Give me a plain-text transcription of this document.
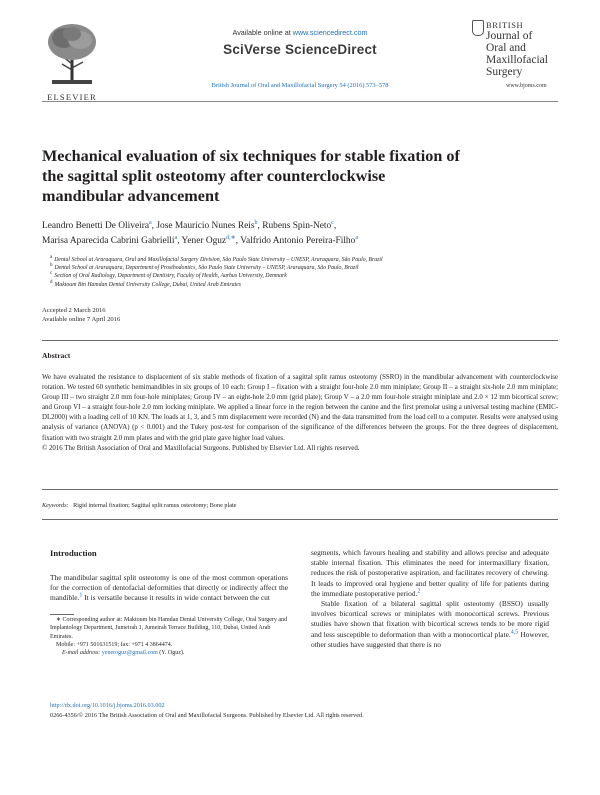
ELSEVIER
Available online at www.sciencedirect.com
SciVerse ScienceDirect
British Journal of Oral and Maxillofacial Surgery 54 (2016) 573–578
BRITISH
Journal of
Oral and
Maxillofacial
Surgery
www.bjoms.com
Mechanical evaluation of six techniques for stable fixation of
the sagittal split osteotomy after counterclockwise
mandibular advancement
Leandro Benetti De Oliveira$^a$, Jose Mauricio Nunes Reis$^b$, Rubens Spin-Neto$^c$,
Marisa Aparecida Cabrini Gabrielli$^a$, Yener Oguz$^{d,∗}$, Valfrido Antonio Pereira-Filho$^a$
a Dental School at Araraquara, Oral and Maxillofacial Surgery Division, São Paulo State University – UNESP, Araraquara, São Paulo, Brazil
b Dental School at Araraquara, Department of Prosthodontics, São Paulo State University – UNESP, Araraquara, São Paulo, Brazil
c Section of Oral Radiology, Department of Dentistry, Faculty of Health, Aarhus University, Denmark
d Maktoum Bin Hamdan Dental University College, Dubai, United Arab Emirates
Accepted 2 March 2016
Available online 7 April 2016
Abstract
We have evaluated the resistance to displacement of six stable methods of fixation of a sagittal split ramus osteotomy (SSRO) in the mandibular advancement with counterclockwise rotation. We tested 60 synthetic hemimandibles in six groups of 10 each: Group I – fixation with a straight four-hole 2.0 mm miniplate; Group II – a straight six-hole 2.0 mm miniplate; Group III – two straight 2.0 mm four-hole miniplates; Group IV – an eight-hole 2.0 mm (grid plate); Group V – a 2.0 mm four-hole straight miniplate and 2.0 × 12 mm bicortical screw; and Group VI – a straight four-hole 2.0 mm locking miniplate. We applied a linear force in the region between the canine and the first premolar using a universal testing machine (EMIC- DL2000) with a loading cell of 10 KN. The loads at 1, 3, and 5 mm displacement were recorded (N) and the data transmitted from the load cell to a computer. Results were analysed using analysis of variance (ANOVA) (p < 0.001) and the Tukey post-test for comparison of the significance of the differences between the groups. For the three degrees of displacement, fixation with two straight 2.0 mm plates and with the grid plate gave higher load values.
© 2016 The British Association of Oral and Maxillofacial Surgeons. Published by Elsevier Ltd. All rights reserved.
Keywords: Rigid internal fixation; Sagittal split ramus osteotomy; Bone plate
Introduction

The mandibular sagittal split osteotomy is one of the most common operations for the correction of dentofacial deformities that directly or indirectly affect the mandible.$^1$ It is versatile because it results in wide contact between the cut

∗ Corresponding author at: Maktoum bin Hamdan Dental University College, Oral Surgery and Implantology Department, Jumeirah 1, Jumeirah Terrace Building, 110, Dubai, United Arab Emirates.
Mobile: +971 501631519; fax: +971 4 3864474.
E-mail address: yeneroguz@gmail.com (Y. Oguz).

segments, which favours healing and stability and allows precise and adequate stable internal fixation. This eliminates the need for intermaxillary fixation, reduces the risk of postoperative aspiration, and facilitates recovery of chewing. It leads to improved oral hygiene and better quality of life for patients during the immediate postoperative period.$^2$

Stable fixation of a bilateral sagittal split osteotomy (BSSO) usually involves bicortical screws or miniplates with monocortical screws. Previous studies have shown that fixation with bicortical screws tends to be more rigid and less susceptible to deformation than with a monocortical plate.$^{4,5}$ However, other studies have suggested that there is no

http://dx.doi.org/10.1016/j.bjoms.2016.03.002
0266-4356/© 2016 The British Association of Oral and Maxillofacial Surgeons. Published by Elsevier Ltd. All rights reserved.
